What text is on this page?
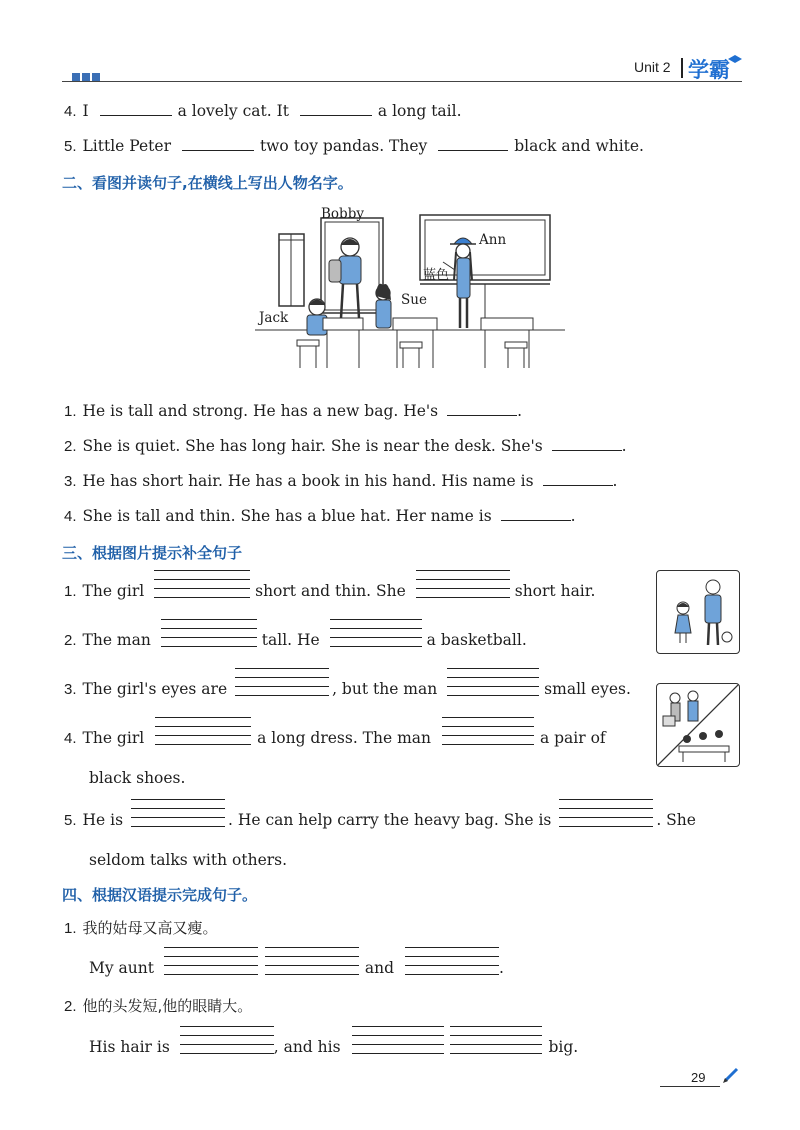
Unit 2 学霸
4. I	a lovely cat. It	a long tail.
5. Little Peter	two toy pandas. They	black and white.
二、看图并读句子,在横线上写出人物名字。
Bobby
Ann
Sue
Jack
蓝色
1. He is tall and strong. He has a new bag. He's	.
2. She is quiet. She has long hair. She is near the desk. She's	.
3. He has short hair. He has a book in his hand. His name is	.
4. She is tall and thin. She has a blue hat. Her name is	.
三、根据图片提示补全句子
1. The girl	short and thin. She	short hair.
2. The man	tall. He	a basketball.
3. The girl's eyes are	, but the man	small eyes.
4. The girl	a long dress. The man	a pair of
black shoes.
5. He is	. He can help carry the heavy bag. She is	. She
seldom talks with others.
四、根据汉语提示完成句子。
1. 我的姑母又高又瘦。
My aunt
	and	.
2. 他的头发短,他的眼睛大。
His hair is	, and his
	big.
29
